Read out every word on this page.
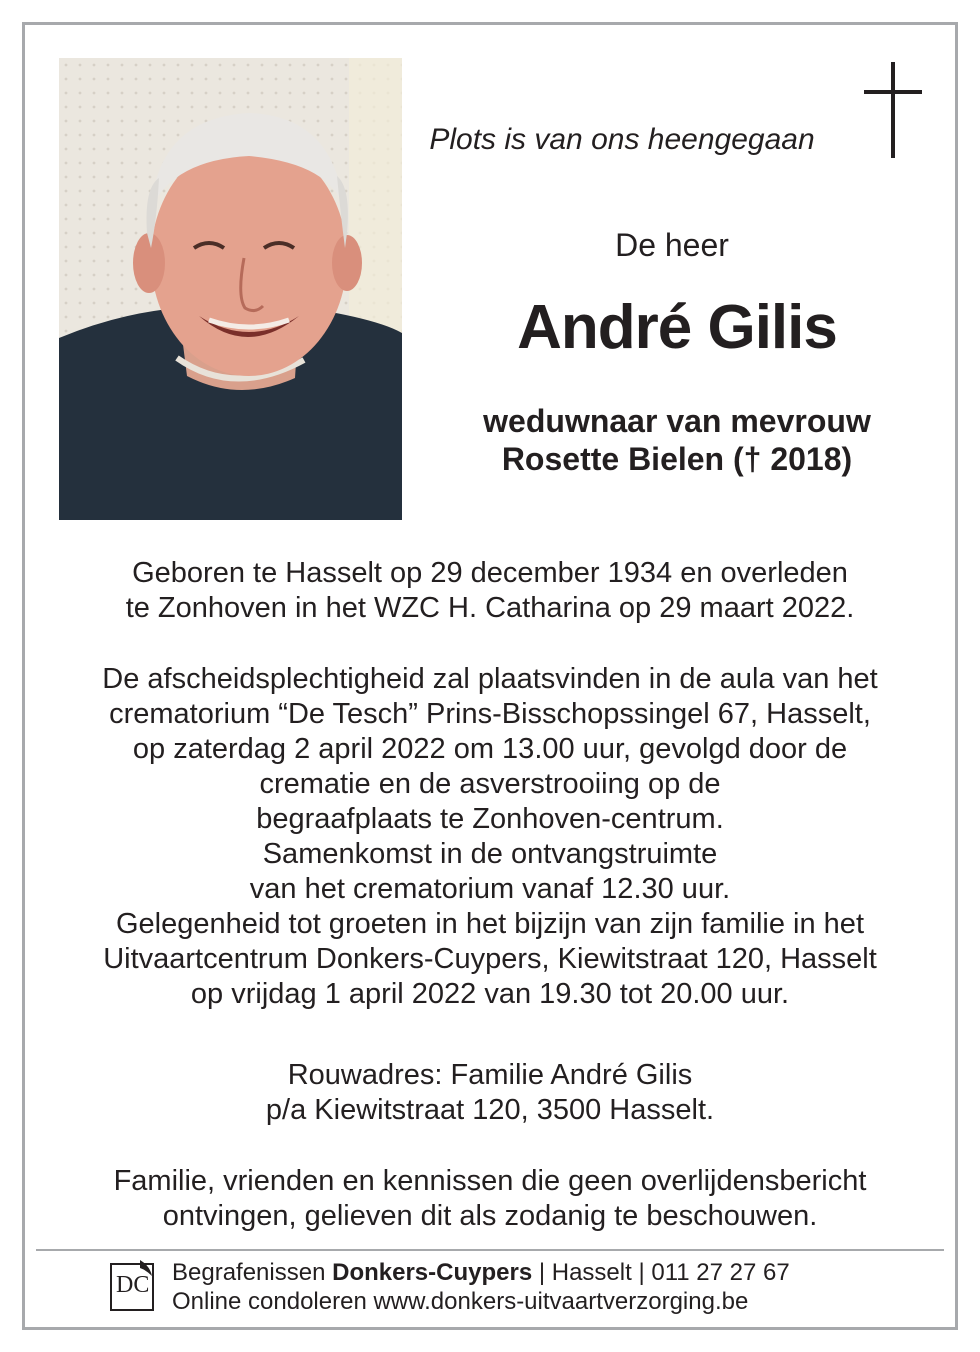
Plots is van ons heengegaan
De heer
André Gilis
weduwnaar van mevrouw
Rosette Bielen († 2018)
Geboren te Hasselt op 29 december 1934 en overleden
te Zonhoven in het WZC H. Catharina op 29 maart 2022.
De afscheidsplechtigheid zal plaatsvinden in de aula van het
crematorium “De Tesch” Prins-Bisschopssingel 67, Hasselt,
op zaterdag 2 april 2022 om 13.00 uur, gevolgd door de
crematie en de asverstrooiing op de
begraafplaats te Zonhoven-centrum.
Samenkomst in de ontvangstruimte
van het crematorium vanaf 12.30 uur.
Gelegenheid tot groeten in het bijzijn van zijn familie in het
Uitvaartcentrum Donkers-Cuypers, Kiewitstraat 120, Hasselt
op vrijdag 1 april 2022 van 19.30 tot 20.00 uur.
Rouwadres: Familie André Gilis
p/a Kiewitstraat 120, 3500 Hasselt.
Familie, vrienden en kennissen die geen overlijdensbericht
ontvingen, gelieven dit als zodanig te beschouwen.
DC Begrafenissen Donkers-Cuypers | Hasselt | 011 27 27 67
Online condoleren www.donkers-uitvaartverzorging.be
